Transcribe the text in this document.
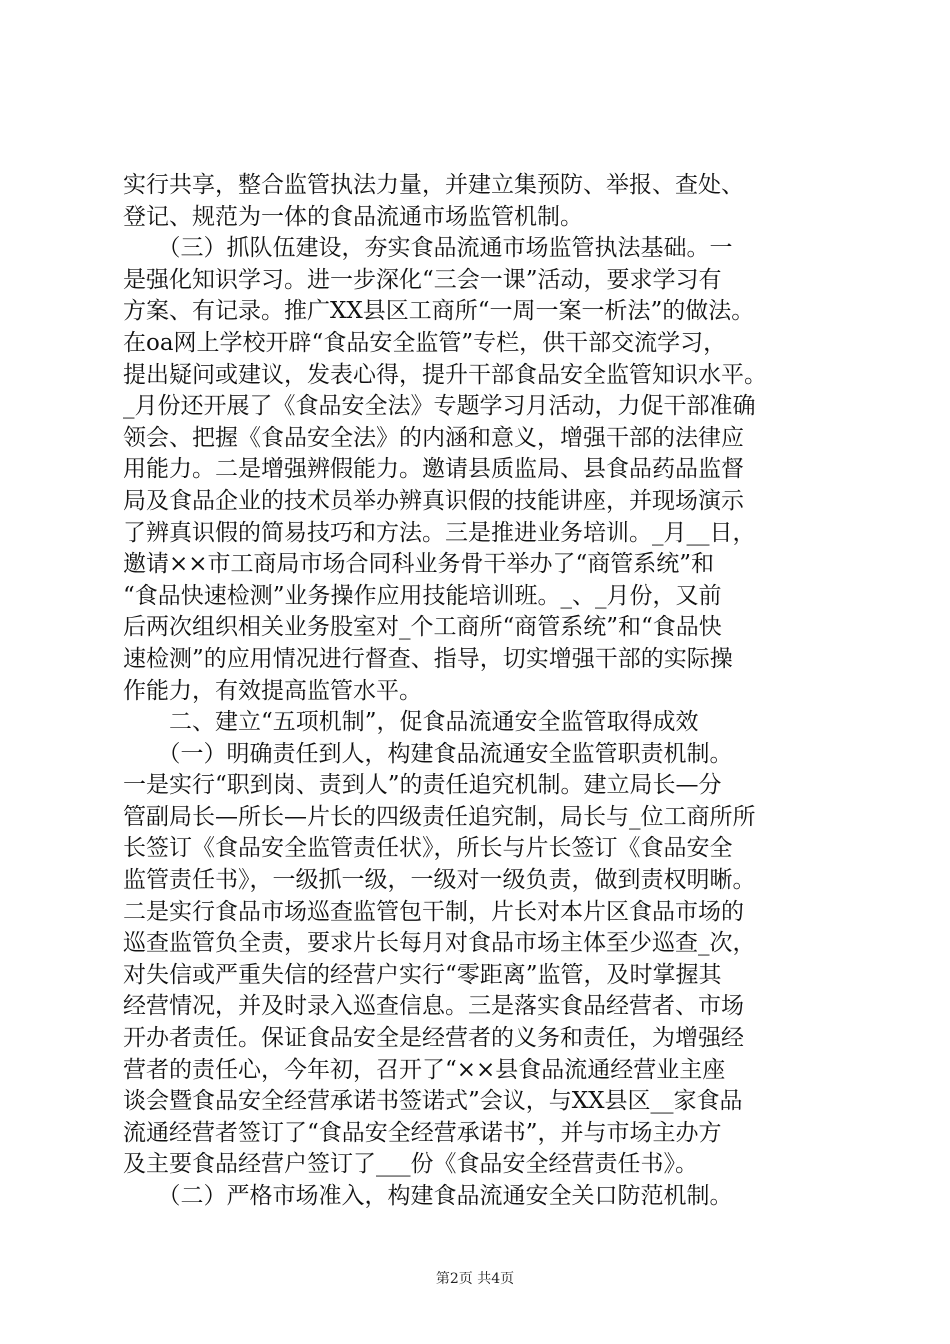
实行共享，整合监管执法力量，并建立集预防、举报、查处、
登记、规范为一体的食品流通市场监管机制。
　　（三）抓队伍建设，夯实食品流通市场监管执法基础。一
是强化知识学习。进一步深化“三会一课”活动，要求学习有
方案、有记录。推广XX县区工商所“一周一案一析法”的做法。
在oa网上学校开辟“食品安全监管”专栏，供干部交流学习，
提出疑问或建议，发表心得，提升干部食品安全监管知识水平。
_月份还开展了《食品安全法》专题学习月活动，力促干部准确
领会、把握《食品安全法》的内涵和意义，增强干部的法律应
用能力。二是增强辨假能力。邀请县质监局、县食品药品监督
局及食品企业的技术员举办辨真识假的技能讲座，并现场演示
了辨真识假的简易技巧和方法。三是推进业务培训。_月__日，
邀请××市工商局市场合同科业务骨干举办了“商管系统”和
“食品快速检测”业务操作应用技能培训班。_、_月份，又前
后两次组织相关业务股室对_个工商所“商管系统”和“食品快
速检测”的应用情况进行督查、指导，切实增强干部的实际操
作能力，有效提高监管水平。
　　二、建立“五项机制”，促食品流通安全监管取得成效
　　（一）明确责任到人，构建食品流通安全监管职责机制。
一是实行“职到岗、责到人”的责任追究机制。建立局长—分
管副局长—所长—片长的四级责任追究制，局长与_位工商所所
长签订《食品安全监管责任状》，所长与片长签订《食品安全
监管责任书》，一级抓一级，一级对一级负责，做到责权明晰。
二是实行食品市场巡查监管包干制，片长对本片区食品市场的
巡查监管负全责，要求片长每月对食品市场主体至少巡查_次，
对失信或严重失信的经营户实行“零距离”监管，及时掌握其
经营情况，并及时录入巡查信息。三是落实食品经营者、市场
开办者责任。保证食品安全是经营者的义务和责任，为增强经
营者的责任心，今年初，召开了“××县食品流通经营业主座
谈会暨食品安全经营承诺书签诺式”会议，与XX县区__家食品
流通经营者签订了“食品安全经营承诺书”，并与市场主办方
及主要食品经营户签订了___份《食品安全经营责任书》。
　　（二）严格市场准入，构建食品流通安全关口防范机制。
第2页 共4页
